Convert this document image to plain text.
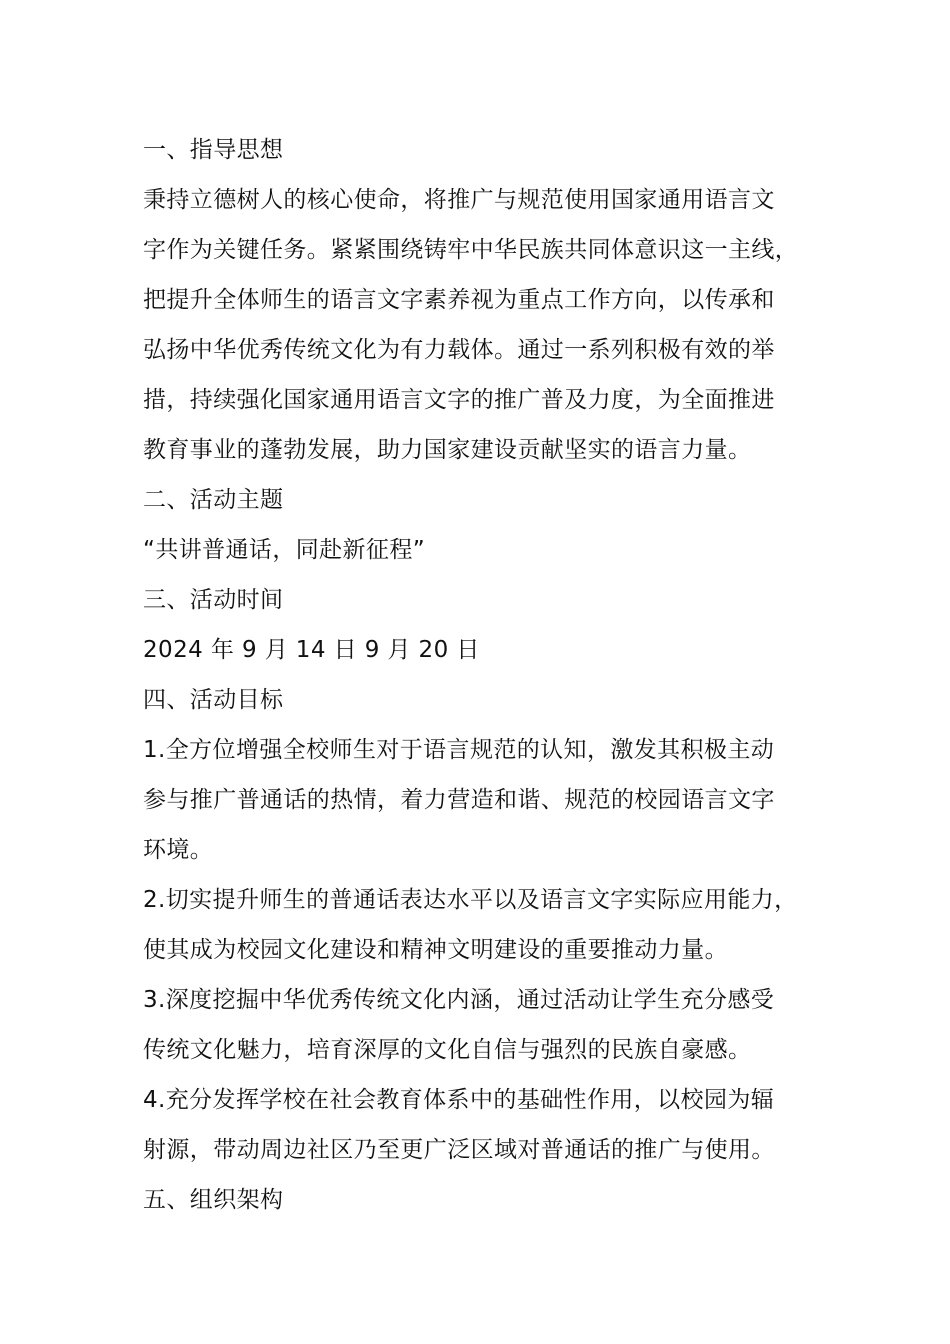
一、指导思想
秉持立德树人的核心使命，将推广与规范使用国家通用语言文
字作为关键任务。紧紧围绕铸牢中华民族共同体意识这一主线，
把提升全体师生的语言文字素养视为重点工作方向，以传承和
弘扬中华优秀传统文化为有力载体。通过一系列积极有效的举
措，持续强化国家通用语言文字的推广普及力度，为全面推进
教育事业的蓬勃发展，助力国家建设贡献坚实的语言力量。
二、活动主题
“共讲普通话，同赴新征程”
三、活动时间
2024 年 9 月 14 日 9 月 20 日
四、活动目标
1.全方位增强全校师生对于语言规范的认知，激发其积极主动
参与推广普通话的热情，着力营造和谐、规范的校园语言文字
环境。
2.切实提升师生的普通话表达水平以及语言文字实际应用能力，
使其成为校园文化建设和精神文明建设的重要推动力量。
3.深度挖掘中华优秀传统文化内涵，通过活动让学生充分感受
传统文化魅力，培育深厚的文化自信与强烈的民族自豪感。
4.充分发挥学校在社会教育体系中的基础性作用，以校园为辐
射源，带动周边社区乃至更广泛区域对普通话的推广与使用。
五、组织架构
